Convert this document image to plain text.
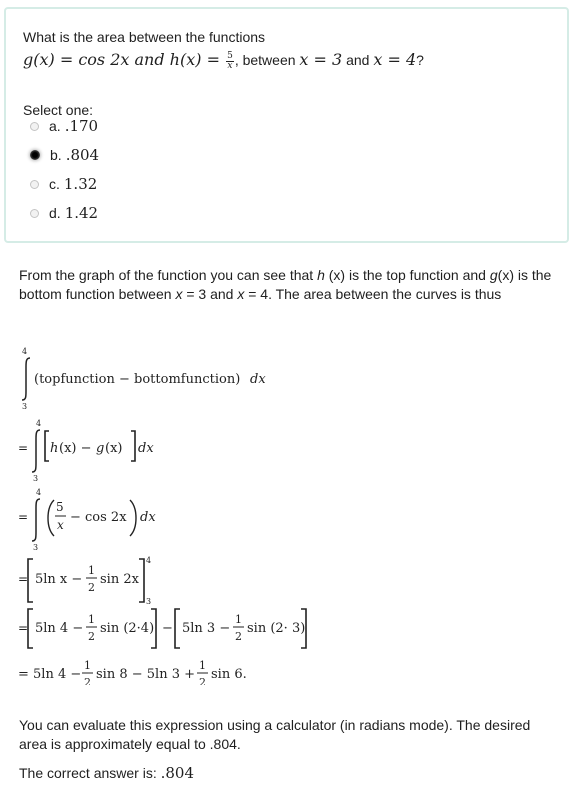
What is the area between the functions
g(x) = cos 2x and $h(x) = \frac{5}{x}$ , between x = 3 and x = 4?
Select one:
a. .170
b. .804
c. 1.32
d. 1.42
From the graph of the function you can see that h (x) is the top function and g(x) is the bottom function between x = 3 and x = 4. The area between the curves is thus
4
3
(topfunction − bottomfunction) dx
=
4
3
h (x) − g (x) dx
=
4
3
5
x − cos 2x dx
= 5ln x −
1
2
sin 2x
4
3
= 5ln 4 −
1
2
sin (2·4) − 5ln 3 −
1
2
sin (2· 3)
= 5ln 4 −
1
2
sin 8 − 5ln 3 +
1
2
sin 6.
You can evaluate this expression using a calculator (in radians mode). The desired area is approximately equal to .804.
The correct answer is: .804
